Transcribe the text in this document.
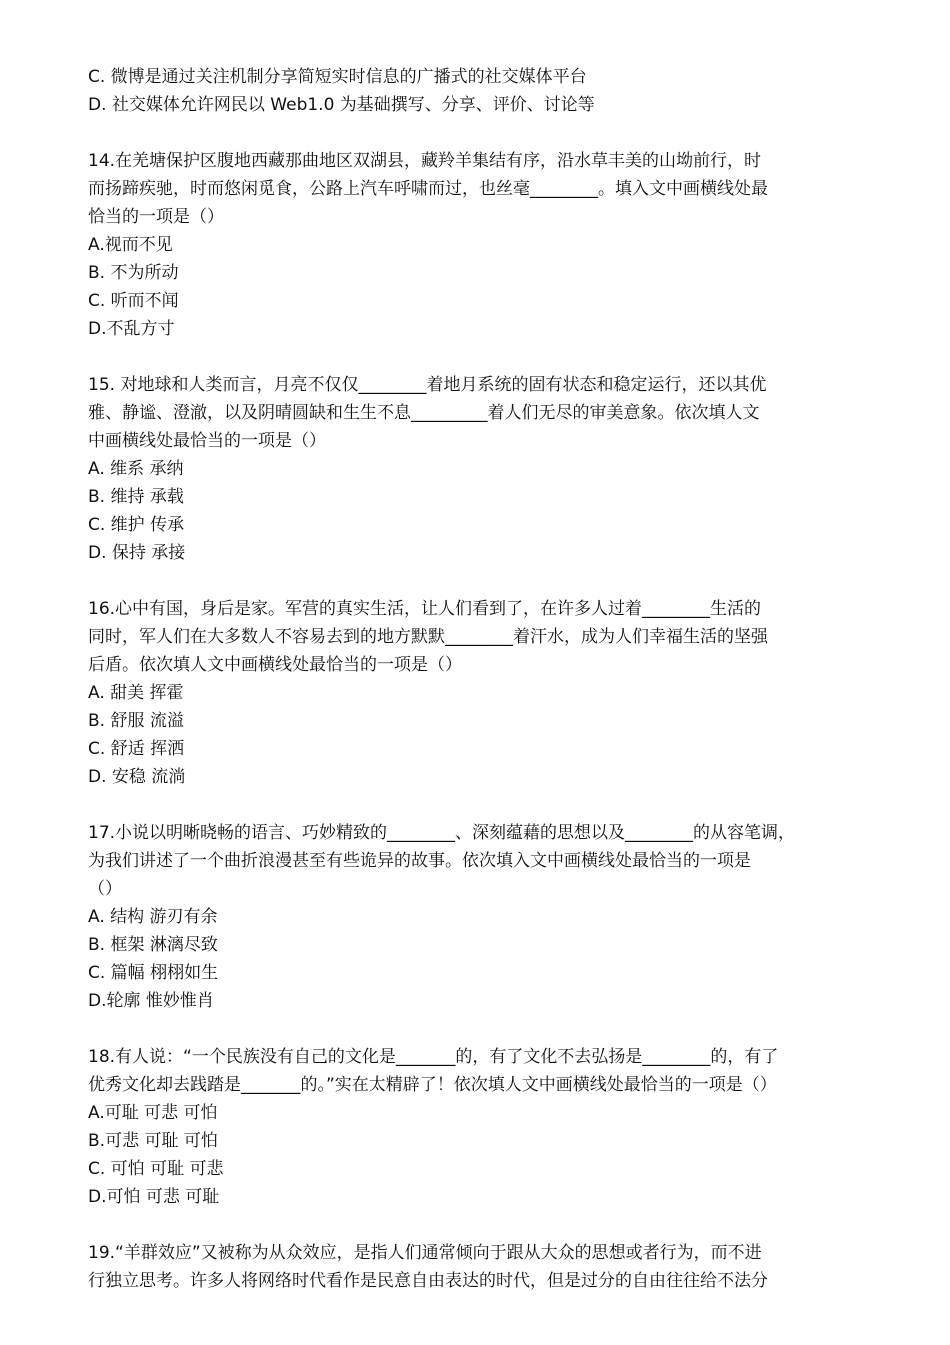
C. 微博是通过关注机制分享简短实时信息的广播式的社交媒体平台
D. 社交媒体允许网民以 Web1.0 为基础撰写、分享、评价、讨论等
14.在羌塘保护区腹地西藏那曲地区双湖县，藏羚羊集结有序，沿水草丰美的山坳前行，时
而扬蹄疾驰，时而悠闲觅食，公路上汽车呼啸而过，也丝毫________。填入文中画横线处最
恰当的一项是（）
A.视而不见
B. 不为所动
C. 听而不闻
D.不乱方寸
15. 对地球和人类而言，月亮不仅仅________着地月系统的固有状态和稳定运行，还以其优
雅、静谧、澄澈，以及阴晴圆缺和生生不息_________着人们无尽的审美意象。依次填人文
中画横线处最恰当的一项是（）
A. 维系 承纳
B. 维持 承载
C. 维护 传承
D. 保持 承接
16.心中有国，身后是家。军营的真实生活，让人们看到了，在许多人过着________生活的
同时，军人们在大多数人不容易去到的地方默默________着汗水，成为人们幸福生活的坚强
后盾。依次填人文中画横线处最恰当的一项是（）
A. 甜美 挥霍
B. 舒服 流溢
C. 舒适 挥洒
D. 安稳 流淌
17.小说以明晰晓畅的语言、巧妙精致的________、深刻蕴藉的思想以及________的从容笔调，
为我们讲述了一个曲折浪漫甚至有些诡异的故事。依次填入文中画横线处最恰当的一项是
（）
A. 结构 游刃有余
B. 框架 淋漓尽致
C. 篇幅 栩栩如生
D.轮廓 惟妙惟肖
18.有人说：“一个民族没有自己的文化是_______的，有了文化不去弘扬是________的，有了
优秀文化却去践踏是_______的。”实在太精辟了！依次填人文中画横线处最恰当的一项是（）
A.可耻 可悲 可怕
B.可悲 可耻 可怕
C. 可怕 可耻 可悲
D.可怕 可悲 可耻
19.“羊群效应”又被称为从众效应，是指人们通常倾向于跟从大众的思想或者行为，而不进
行独立思考。许多人将网络时代看作是民意自由表达的时代，但是过分的自由往往给不法分
